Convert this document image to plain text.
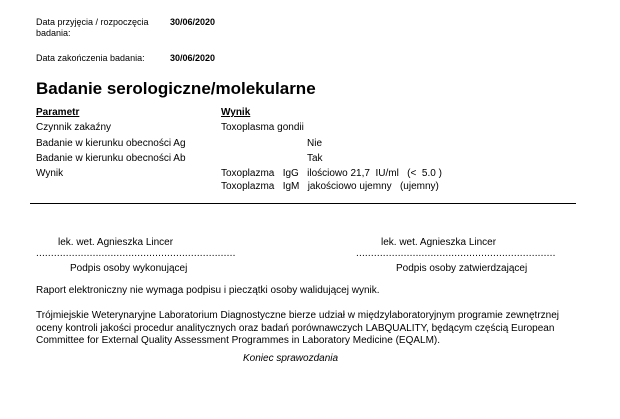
Data przyjęcia / rozpoczęcia
badania:
30/06/2020
Data zakończenia badania:	30/06/2020
Badanie serologiczne/molekularne
Parametr	Wynik
Czynnik zakaźny	Toxoplasma gondii
Badanie w kierunku obecności Ag	Nie
Badanie w kierunku obecności Ab	Tak
Wynik	Toxoplazma   IgG   ilościowo 21,7  IU/ml   (<  5.0 )
Toxoplazma   IgM   jakościowo ujemny   (ujemny)
lek. wet. Agnieszka Lincer
...................................................................
Podpis osoby wykonującej
lek. wet. Agnieszka Lincer
...................................................................
Podpis osoby zatwierdzającej
Raport elektroniczny nie wymaga podpisu i pieczątki osoby walidującej wynik.
Trójmiejskie Weterynaryjne Laboratorium Diagnostyczne bierze udział w międzylaboratoryjnym programie zewnętrznej oceny kontroli jakości procedur analitycznych oraz badań porównawczych LABQUALITY, będącym częścią European Committee for External Quality Assessment Programmes in Laboratory Medicine (EQALM).
Koniec sprawozdania
